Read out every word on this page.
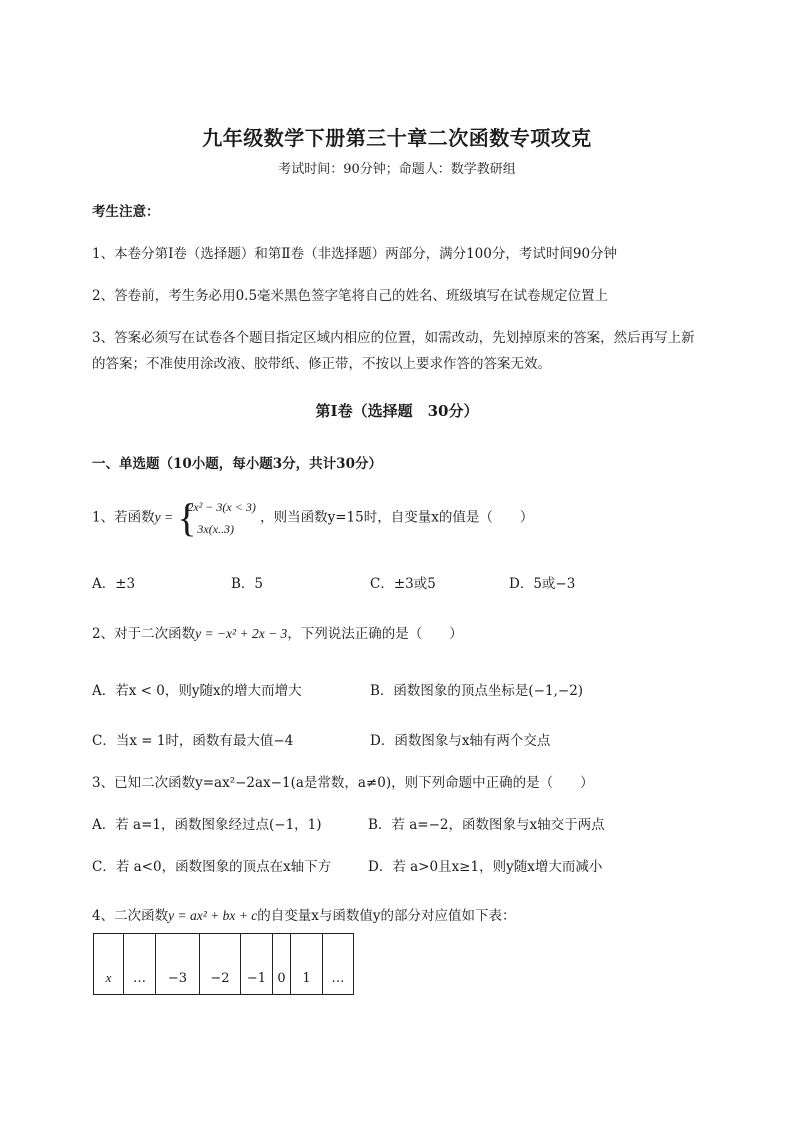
九年级数学下册第三十章二次函数专项攻克
考试时间：90分钟；命题人：数学教研组
考生注意：
1、本卷分第I卷（选择题）和第Ⅱ卷（非选择题）两部分，满分100分，考试时间90分钟
2、答卷前，考生务必用0.5毫米黑色签字笔将自己的姓名、班级填写在试卷规定位置上
3、答案必须写在试卷各个题目指定区域内相应的位置，如需改动，先划掉原来的答案，然后再写上新
的答案；不准使用涂改液、胶带纸、修正带，不按以上要求作答的答案无效。
第I卷（选择题　30分）
一、单选题（10小题，每小题3分，共计30分）
1、若函数y = {
2x² − 3(x < 3)
3x(x..3)
，则当函数y=15时，自变量x的值是（　　）
A．±3	B．5	C．±3或5	D．5或−3
2、对于二次函数y = −x² + 2x − 3，下列说法正确的是（　　）
A．若x < 0，则y随x的增大而增大	B．函数图象的顶点坐标是(−1,−2)
C．当x = 1时，函数有最大值−4	D．函数图象与x轴有两个交点
3、已知二次函数y=ax²−2ax−1(a是常数，a≠0)，则下列命题中正确的是（　　）
A．若 a=1，函数图象经过点(−1，1)	B．若 a=−2，函数图象与x轴交于两点
C．若 a<0，函数图象的顶点在x轴下方	D．若 a>0且x≥1，则y随x增大而减小
4、二次函数y = ax² + bx + c的自变量x与函数值y的部分对应值如下表：
x	…	−3	−2	−1	0	1	…
